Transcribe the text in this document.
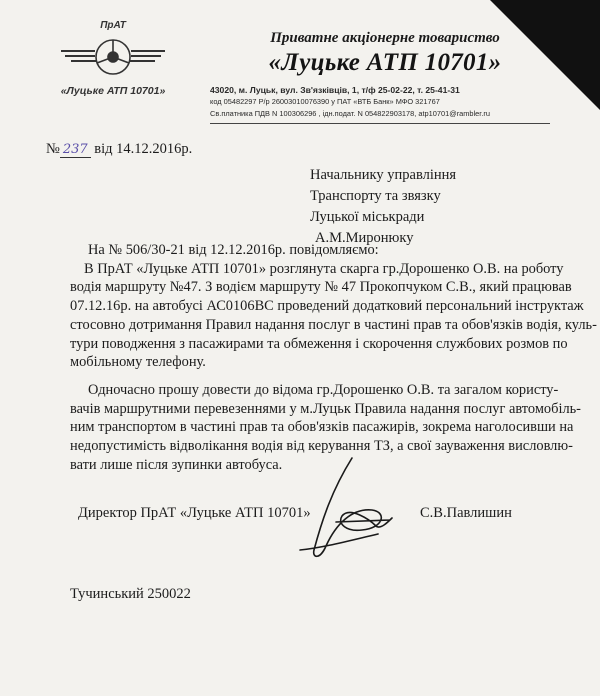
ПрАТ
«Луцьке АТП 10701»
Приватне акціонерне товариство
«Луцьке АТП 10701»
43020, м. Луцьк, вул. Зв'язківців, 1, т/ф 25-02-22, т. 25-41-31
код 05482297 Р/р 26003010076390 у ПАТ «ВТБ Банк» МФО 321767
Св.платника ПДВ N 100306296 , ідн.подат. N 054822903178, atp10701@rambler.ru
№ 237 від 14.12.2016р.
Начальнику управління
Транспорту та звязку
Луцької міськради
А.М.Миронюку
На № 506/30-21 від 12.12.2016р. повідомляємо:
В ПрАТ «Луцьке АТП 10701» розглянута скарга гр.Дорошенко О.В. на роботу
водія маршруту №47. З водієм маршруту № 47 Прокопчуком С.В., який працював
07.12.16р. на автобусі АС0106ВС проведений додатковий персональний інструктаж
стосовно дотримання Правил надання послуг в частині прав та обов'язків водія, куль-
тури поводження з пасажирами та обмеження і скорочення службових розмов по
мобільному телефону.
Одночасно прошу довести до відома гр.Дорошенко О.В. та загалом користу-
вачів маршрутними перевезеннями у м.Луцьк Правила надання послуг автомобіль-
ним транспортом в частині прав та обов'язків пасажирів, зокрема наголосивши на
недопустимість відволікання водія від керування ТЗ, а свої зауваження висловлю-
вати лише після зупинки автобуса.
Директор ПрАТ «Луцьке АТП 10701»	С.В.Павлишин
Тучинський 250022
